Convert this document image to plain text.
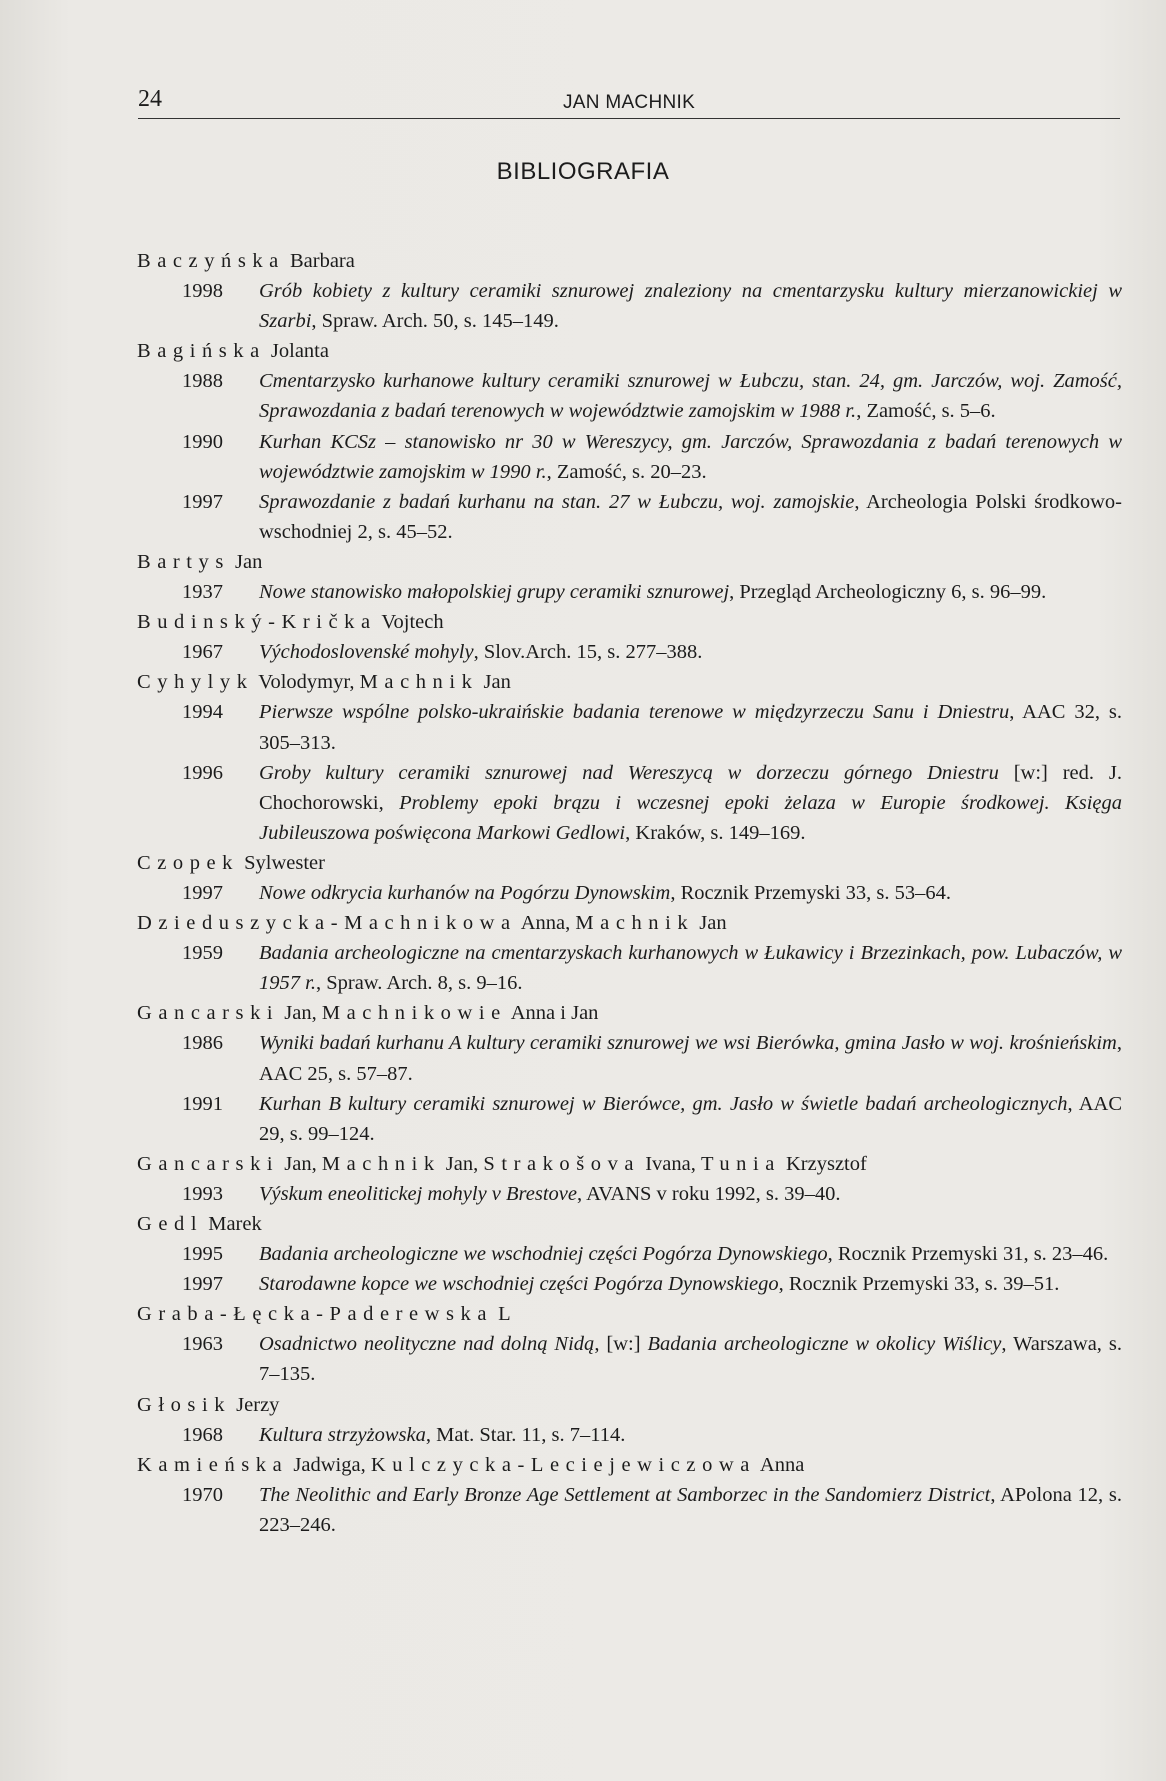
24	JAN MACHNIK
BIBLIOGRAFIA
Baczyńska Barbara
1998	Grób kobiety z kultury ceramiki sznurowej znaleziony na cmentarzysku kultury mierzanowickiej w Szarbi, Spraw. Arch. 50, s. 145–149.
Bagińska Jolanta
1988	Cmentarzysko kurhanowe kultury ceramiki sznurowej w Łubczu, stan. 24, gm. Jarczów, woj. Zamość, Sprawozdania z badań terenowych w województwie zamojskim w 1988 r., Zamość, s. 5–6.
1990	Kurhan KCSz – stanowisko nr 30 w Wereszycy, gm. Jarczów, Sprawozdania z badań terenowych w województwie zamojskim w 1990 r., Zamość, s. 20–23.
1997	Sprawozdanie z badań kurhanu na stan. 27 w Łubczu, woj. zamojskie, Archeologia Polski środkowo-wschodniej 2, s. 45–52.
Bartys Jan
1937	Nowe stanowisko małopolskiej grupy ceramiki sznurowej, Przegląd Archeologiczny 6, s. 96–99.
Budinský-Krička Vojtech
1967	Východoslovenské mohyly, Slov.Arch. 15, s. 277–388.
Cyhylyk Volodymyr, Machnik Jan
1994	Pierwsze wspólne polsko-ukraińskie badania terenowe w międzyrzeczu Sanu i Dniestru, AAC 32, s. 305–313.
1996	Groby kultury ceramiki sznurowej nad Wereszycą w dorzeczu górnego Dniestru [w:] red. J. Chochorowski, Problemy epoki brązu i wczesnej epoki żelaza w Europie środkowej. Księga Jubileuszowa poświęcona Markowi Gedlowi, Kraków, s. 149–169.
Czopek Sylwester
1997	Nowe odkrycia kurhanów na Pogórzu Dynowskim, Rocznik Przemyski 33, s. 53–64.
Dzieduszycka-Machnikowa Anna, Machnik Jan
1959	Badania archeologiczne na cmentarzyskach kurhanowych w Łukawicy i Brzezinkach, pow. Lubaczów, w 1957 r., Spraw. Arch. 8, s. 9–16.
Gancarski Jan, Machnikowie Anna i Jan
1986	Wyniki badań kurhanu A kultury ceramiki sznurowej we wsi Bierówka, gmina Jasło w woj. krośnieńskim, AAC 25, s. 57–87.
1991	Kurhan B kultury ceramiki sznurowej w Bierówce, gm. Jasło w świetle badań archeologicznych, AAC 29, s. 99–124.
Gancarski Jan, Machnik Jan, Strakošova Ivana, Tunia Krzysztof
1993	Výskum eneolitickej mohyly v Brestove, AVANS v roku 1992, s. 39–40.
Gedl Marek
1995	Badania archeologiczne we wschodniej części Pogórza Dynowskiego, Rocznik Przemyski 31, s. 23–46.
1997	Starodawne kopce we wschodniej części Pogórza Dynowskiego, Rocznik Przemyski 33, s. 39–51.
Graba-Łęcka-Paderewska L
1963	Osadnictwo neolityczne nad dolną Nidą, [w:] Badania archeologiczne w okolicy Wiślicy, Warszawa, s. 7–135.
Głosik Jerzy
1968	Kultura strzyżowska, Mat. Star. 11, s. 7–114.
Kamieńska Jadwiga, Kulczycka-Leciejewiczowa Anna
1970	The Neolithic and Early Bronze Age Settlement at Samborzec in the Sandomierz District, APolona 12, s. 223–246.
